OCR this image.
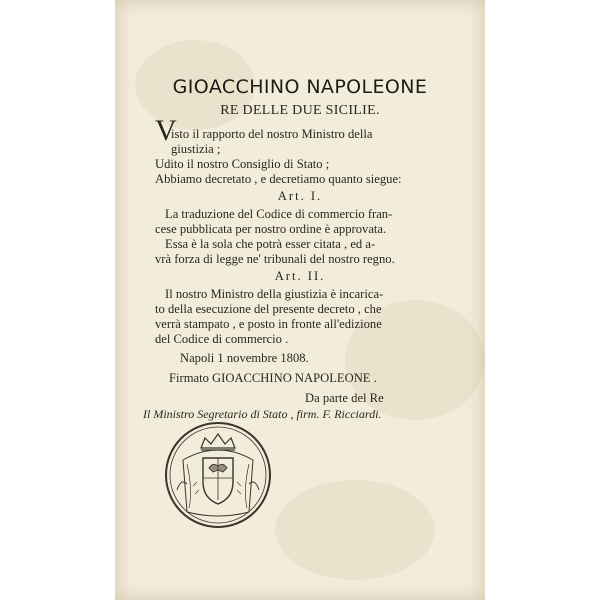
GIOACCHINO NAPOLEONE
RE DELLE DUE SICILIE.
V
isto il rapporto del nostro Ministro della
giustizia ;
Udito il nostro Consiglio di Stato ;
Abbiamo decretato , e decretiamo quanto siegue:
Art. I.
La traduzione del Codice di commercio fran-
cese pubblicata per nostro ordine è approvata.
Essa è la sola che potrà esser citata , ed a-
vrà forza di legge ne' tribunali del nostro regno.
Art. II.
Il nostro Ministro della giustizia è incarica-
to della esecuzione del presente decreto , che
verrà stampato , e posto in fronte all'edizione
del Codice di commercio .
Napoli 1 novembre 1808.
Firmato GIOACCHINO NAPOLEONE .
Da parte del Re
Il Ministro Segretario di Stato , firm. F. Ricciardi.
